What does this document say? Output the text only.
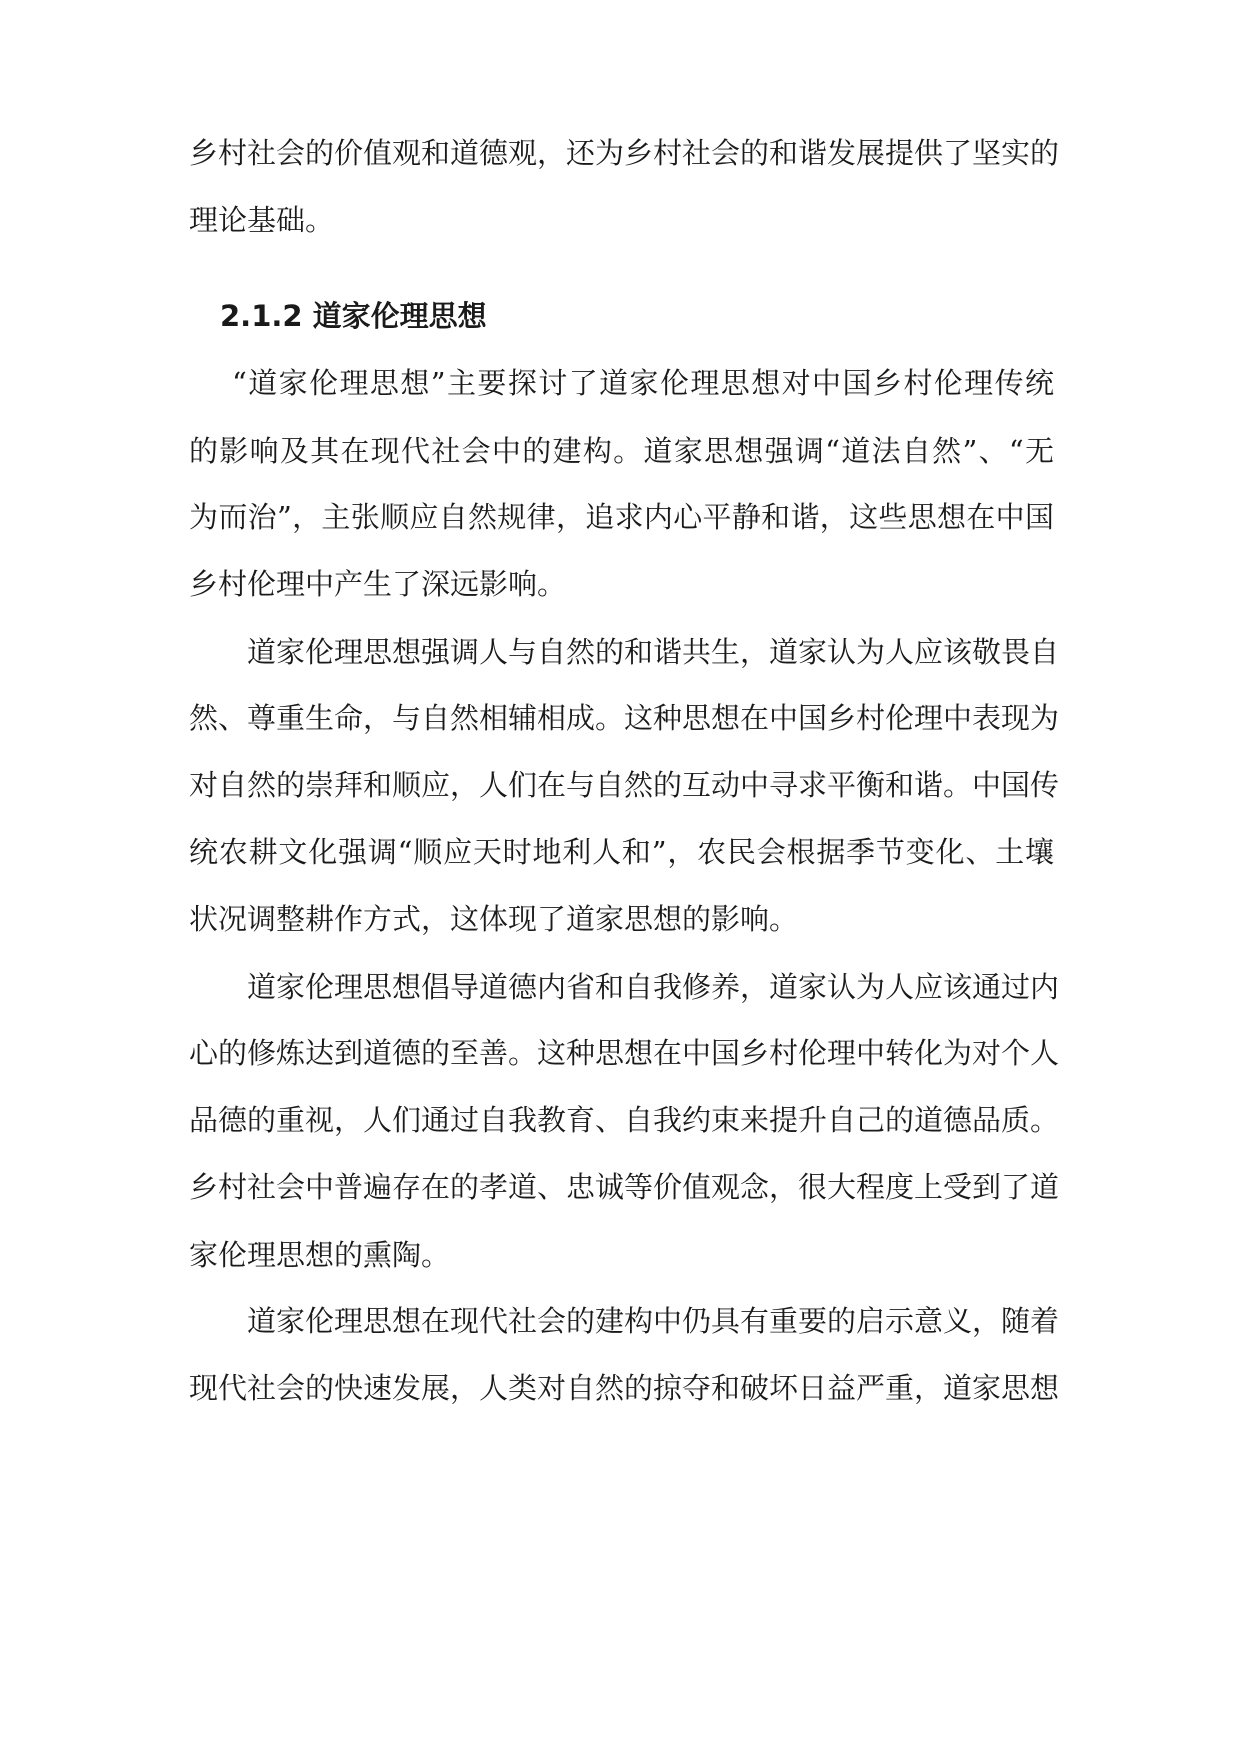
乡村社会的价值观和道德观，还为乡村社会的和谐发展提供了坚实的
理论基础。
2.1.2 道家伦理思想
“道家伦理思想”主要探讨了道家伦理思想对中国乡村伦理传统
的影响及其在现代社会中的建构。道家思想强调“道法自然”、“无
为而治”，主张顺应自然规律，追求内心平静和谐，这些思想在中国
乡村伦理中产生了深远影响。
道家伦理思想强调人与自然的和谐共生，道家认为人应该敬畏自
然、尊重生命，与自然相辅相成。这种思想在中国乡村伦理中表现为
对自然的崇拜和顺应，人们在与自然的互动中寻求平衡和谐。中国传
统农耕文化强调“顺应天时地利人和”，农民会根据季节变化、土壤
状况调整耕作方式，这体现了道家思想的影响。
道家伦理思想倡导道德内省和自我修养，道家认为人应该通过内
心的修炼达到道德的至善。这种思想在中国乡村伦理中转化为对个人
品德的重视，人们通过自我教育、自我约束来提升自己的道德品质。
乡村社会中普遍存在的孝道、忠诚等价值观念，很大程度上受到了道
家伦理思想的熏陶。
道家伦理思想在现代社会的建构中仍具有重要的启示意义，随着
现代社会的快速发展，人类对自然的掠夺和破坏日益严重，道家思想
